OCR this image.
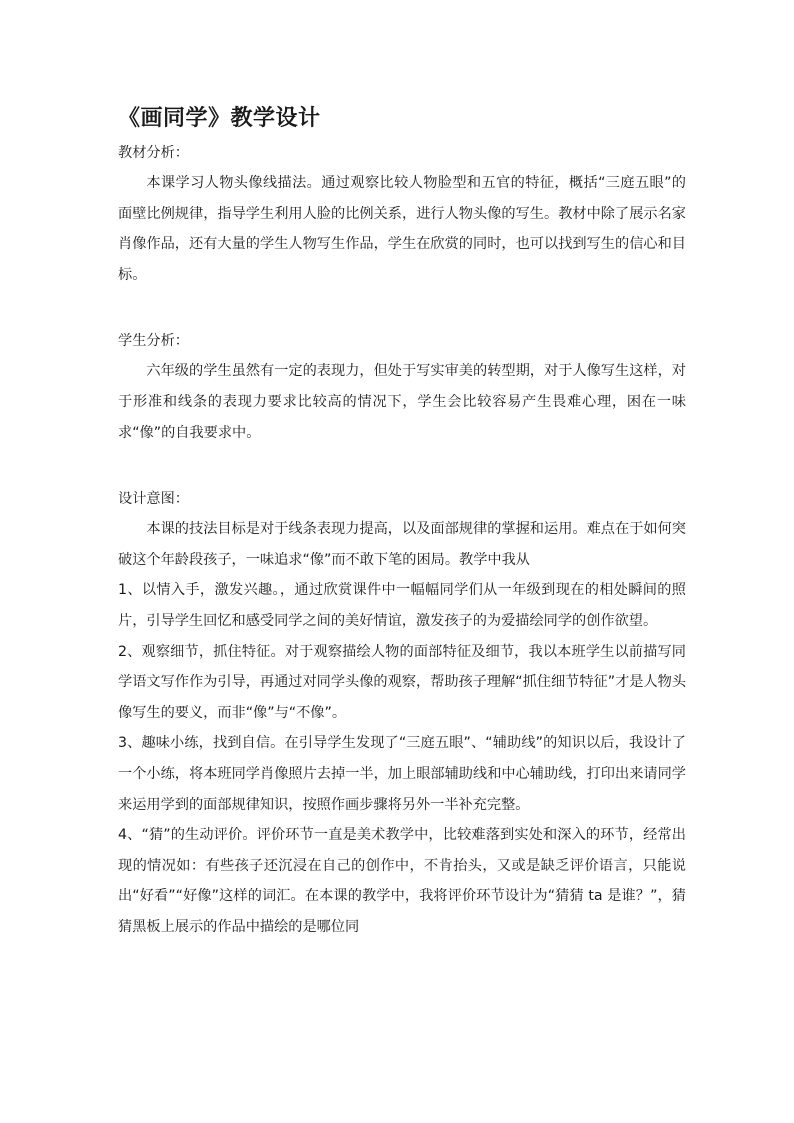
《画同学》教学设计

教材分析：

本课学习人物头像线描法。通过观察比较人物脸型和五官的特征，概括“三庭五眼”的面壁比例规律，指导学生利用人脸的比例关系，进行人物头像的写生。教材中除了展示名家肖像作品，还有大量的学生人物写生作品，学生在欣赏的同时，也可以找到写生的信心和目标。

学生分析：

六年级的学生虽然有一定的表现力，但处于写实审美的转型期，对于人像写生这样，对于形准和线条的表现力要求比较高的情况下，学生会比较容易产生畏难心理，困在一味求“像”的自我要求中。

设计意图：

本课的技法目标是对于线条表现力提高，以及面部规律的掌握和运用。难点在于如何突破这个年龄段孩子，一味追求“像”而不敢下笔的困局。教学中我从

1、以情入手，激发兴趣。，通过欣赏课件中一幅幅同学们从一年级到现在的相处瞬间的照片，引导学生回忆和感受同学之间的美好情谊，激发孩子的为爱描绘同学的创作欲望。

2、观察细节，抓住特征。对于观察描绘人物的面部特征及细节，我以本班学生以前描写同学语文写作作为引导，再通过对同学头像的观察，帮助孩子理解“抓住细节特征”才是人物头像写生的要义，而非“像”与“不像”。

3、趣味小练，找到自信。在引导学生发现了“三庭五眼”、“辅助线”的知识以后，我设计了一个小练，将本班同学肖像照片去掉一半，加上眼部辅助线和中心辅助线，打印出来请同学来运用学到的面部规律知识，按照作画步骤将另外一半补充完整。

4、“猜”的生动评价。评价环节一直是美术教学中，比较难落到实处和深入的环节，经常出现的情况如：有些孩子还沉浸在自己的创作中，不肯抬头，又或是缺乏评价语言，只能说出“好看”“好像”这样的词汇。在本课的教学中，我将评价环节设计为“猜猜 ta 是谁？”，猜猜黑板上展示的作品中描绘的是哪位同
